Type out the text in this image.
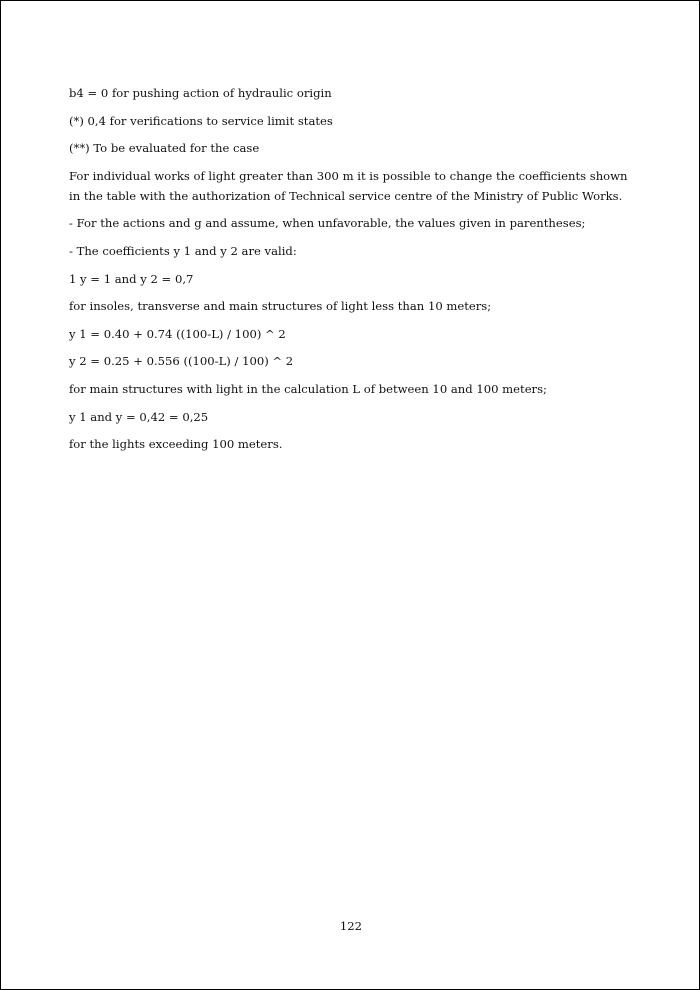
b4 = 0 for pushing action of hydraulic origin

(*) 0,4 for verifications to service limit states

(**) To be evaluated for the case

For individual works of light greater than 300 m it is possible to change the coefficients shown in the table with the authorization of Technical service centre of the Ministry of Public Works.

- For the actions and g and assume, when unfavorable, the values given in parentheses;

- The coefficients y 1 and y 2 are valid:

1 y = 1 and y 2 = 0,7

for insoles, transverse and main structures of light less than 10 meters;

y 1 = 0.40 + 0.74 ((100-L) / 100) ^ 2

y 2 = 0.25 + 0.556 ((100-L) / 100) ^ 2

for main structures with light in the calculation L of between 10 and 100 meters;

y 1 and y = 0,42 = 0,25

for the lights exceeding 100 meters.

122
